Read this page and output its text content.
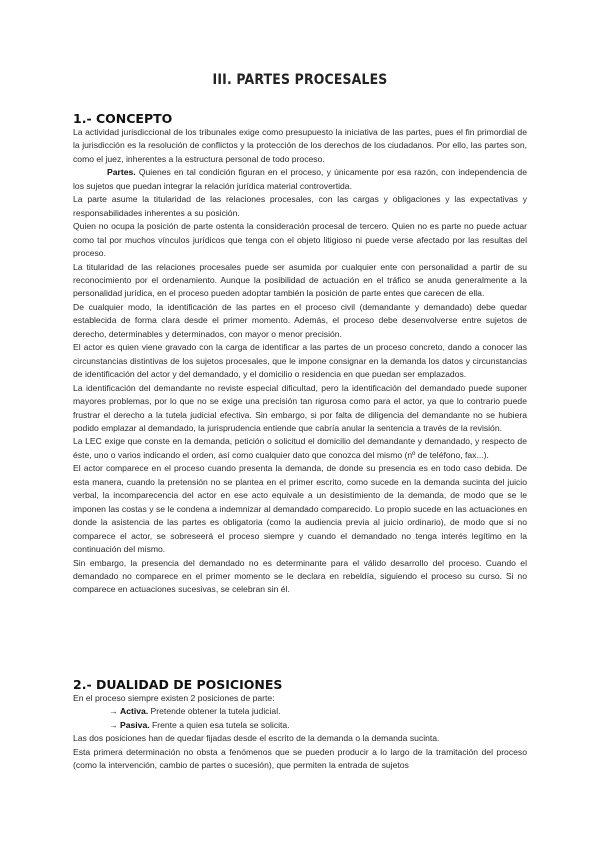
III. PARTES PROCESALES
1.- CONCEPTO

La actividad jurisdiccional de los tribunales exige como presupuesto la iniciativa de las partes, pues el fin primordial de la jurisdicción es la resolución de conflictos y la protección de los derechos de los ciudadanos. Por ello, las partes son, como el juez, inherentes a la estructura personal de todo proceso.

Partes. Quienes en tal condición figuran en el proceso, y únicamente por esa razón, con independencia de los sujetos que puedan integrar la relación jurídica material controvertida.

La parte asume la titularidad de las relaciones procesales, con las cargas y obligaciones y las expectativas y responsabilidades inherentes a su posición.

Quien no ocupa la posición de parte ostenta la consideración procesal de tercero. Quien no es parte no puede actuar como tal por muchos vínculos jurídicos que tenga con el objeto litigioso ni puede verse afectado por las resultas del proceso.

La titularidad de las relaciones procesales puede ser asumida por cualquier ente con personalidad a partir de su reconocimiento por el ordenamiento. Aunque la posibilidad de actuación en el tráfico se anuda generalmente a la personalidad jurídica, en el proceso pueden adoptar también la posición de parte entes que carecen de ella.

De cualquier modo, la identificación de las partes en el proceso civil (demandante y demandado) debe quedar establecida de forma clara desde el primer momento. Además, el proceso debe desenvolverse entre sujetos de derecho, determinables y determinados, con mayor o menor precisión.

El actor es quien viene gravado con la carga de identificar a las partes de un proceso concreto, dando a conocer las circunstancias distintivas de los sujetos procesales, que le impone consignar en la demanda los datos y circunstancias de identificación del actor y del demandado, y el domicilio o residencia en que puedan ser emplazados.

La identificación del demandante no reviste especial dificultad, pero la identificación del demandado puede suponer mayores problemas, por lo que no se exige una precisión tan rigurosa como para el actor, ya que lo contrario puede frustrar el derecho a la tutela judicial efectiva. Sin embargo, si por falta de diligencia del demandante no se hubiera podido emplazar al demandado, la jurisprudencia entiende que cabría anular la sentencia a través de la revisión.

La LEC exige que conste en la demanda, petición o solicitud el domicilio del demandante y demandado, y respecto de éste, uno o varios indicando el orden, así como cualquier dato que conozca del mismo (nº de teléfono, fax...).

El actor comparece en el proceso cuando presenta la demanda, de donde su presencia es en todo caso debida. De esta manera, cuando la pretensión no se plantea en el primer escrito, como sucede en la demanda sucinta del juicio verbal, la incomparecencia del actor en ese acto equivale a un desistimiento de la demanda, de modo que se le imponen las costas y se le condena a indemnizar al demandado comparecido. Lo propio sucede en las actuaciones en donde la asistencia de las partes es obligatoria (como la audiencia previa al juicio ordinario), de modo que si no comparece el actor, se sobreseerá el proceso siempre y cuando el demandado no tenga interés legítimo en la continuación del mismo.

Sin embargo, la presencia del demandado no es determinante para el válido desarrollo del proceso. Cuando el demandado no comparece en el primer momento se le declara en rebeldía, siguiendo el proceso su curso. Si no comparece en actuaciones sucesivas, se celebran sin él.

2.- DUALIDAD DE POSICIONES

En el proceso siempre existen 2 posiciones de parte:

→ Activa. Pretende obtener la tutela judicial.

→ Pasiva. Frente a quien esa tutela se solicita.

Las dos posiciones han de quedar fijadas desde el escrito de la demanda o la demanda sucinta.

Esta primera determinación no obsta a fenómenos que se pueden producir a lo largo de la tramitación del proceso (como la intervención, cambio de partes o sucesión), que permiten la entrada de sujetos
